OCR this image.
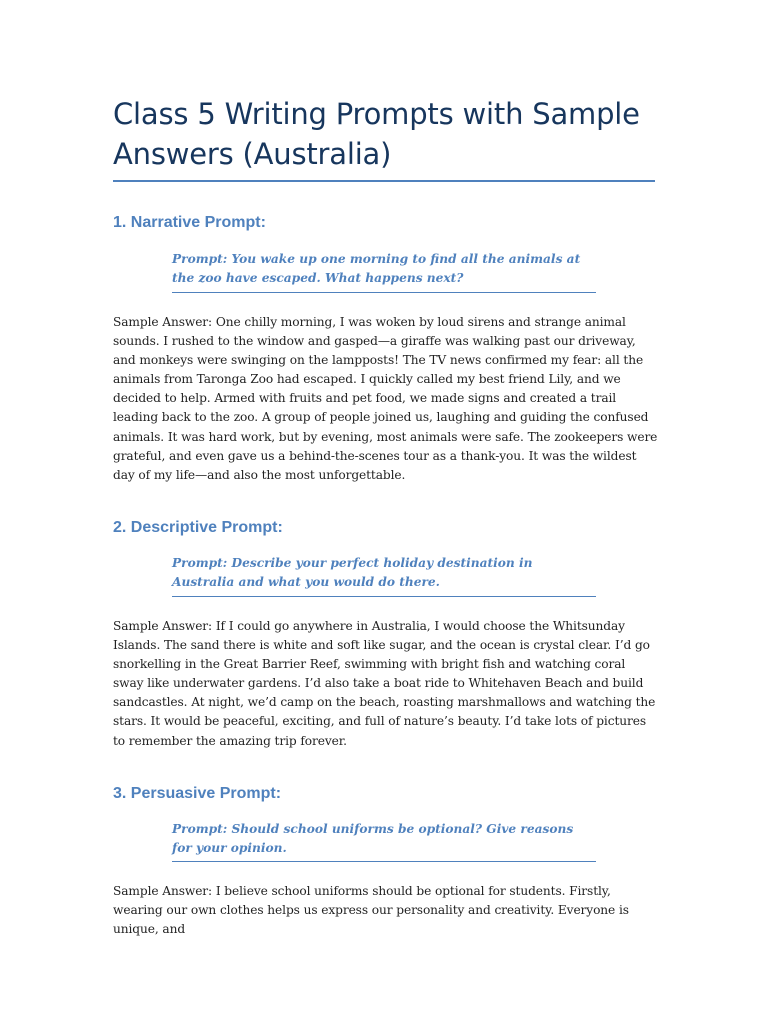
Class 5 Writing Prompts with Sample Answers (Australia)
1. Narrative Prompt:

Prompt: You wake up one morning to find all the animals at the zoo have escaped. What happens next?

Sample Answer: One chilly morning, I was woken by loud sirens and strange animal sounds. I rushed to the window and gasped—a giraffe was walking past our driveway, and monkeys were swinging on the lampposts! The TV news confirmed my fear: all the animals from Taronga Zoo had escaped. I quickly called my best friend Lily, and we decided to help. Armed with fruits and pet food, we made signs and created a trail leading back to the zoo. A group of people joined us, laughing and guiding the confused animals. It was hard work, but by evening, most animals were safe. The zookeepers were grateful, and even gave us a behind-the-scenes tour as a thank-you. It was the wildest day of my life—and also the most unforgettable.

2. Descriptive Prompt:

Prompt: Describe your perfect holiday destination in Australia and what you would do there.

Sample Answer: If I could go anywhere in Australia, I would choose the Whitsunday Islands. The sand there is white and soft like sugar, and the ocean is crystal clear. I’d go snorkelling in the Great Barrier Reef, swimming with bright fish and watching coral sway like underwater gardens. I’d also take a boat ride to Whitehaven Beach and build sandcastles. At night, we’d camp on the beach, roasting marshmallows and watching the stars. It would be peaceful, exciting, and full of nature’s beauty. I’d take lots of pictures to remember the amazing trip forever.

3. Persuasive Prompt:

Prompt: Should school uniforms be optional? Give reasons for your opinion.

Sample Answer: I believe school uniforms should be optional for students. Firstly, wearing our own clothes helps us express our personality and creativity. Everyone is unique, and
